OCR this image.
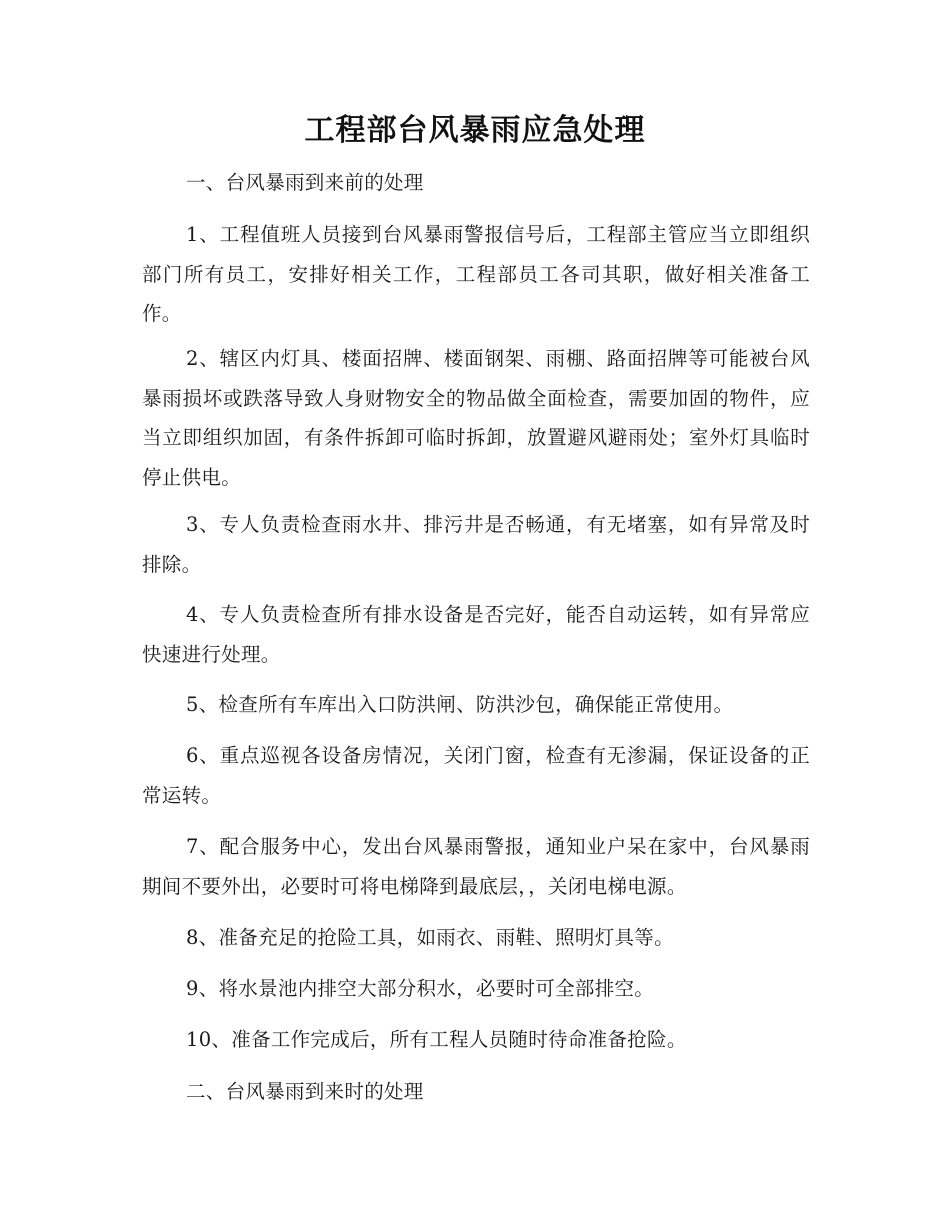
工程部台风暴雨应急处理

一、台风暴雨到来前的处理

1、工程值班人员接到台风暴雨警报信号后，工程部主管应当立即组织部门所有员工，安排好相关工作，工程部员工各司其职，做好相关准备工作。

2、辖区内灯具、楼面招牌、楼面钢架、雨棚、路面招牌等可能被台风暴雨损坏或跌落导致人身财物安全的物品做全面检查，需要加固的物件，应当立即组织加固，有条件拆卸可临时拆卸，放置避风避雨处；室外灯具临时停止供电。

3、专人负责检查雨水井、排污井是否畅通，有无堵塞，如有异常及时排除。

4、专人负责检查所有排水设备是否完好，能否自动运转，如有异常应快速进行处理。

5、检查所有车库出入口防洪闸、防洪沙包，确保能正常使用。

6、重点巡视各设备房情况，关闭门窗，检查有无渗漏，保证设备的正常运转。

7、配合服务中心，发出台风暴雨警报，通知业户呆在家中，台风暴雨期间不要外出，必要时可将电梯降到最底层，，关闭电梯电源。

8、准备充足的抢险工具，如雨衣、雨鞋、照明灯具等。

9、将水景池内排空大部分积水，必要时可全部排空。

10、准备工作完成后，所有工程人员随时待命准备抢险。

二、台风暴雨到来时的处理
